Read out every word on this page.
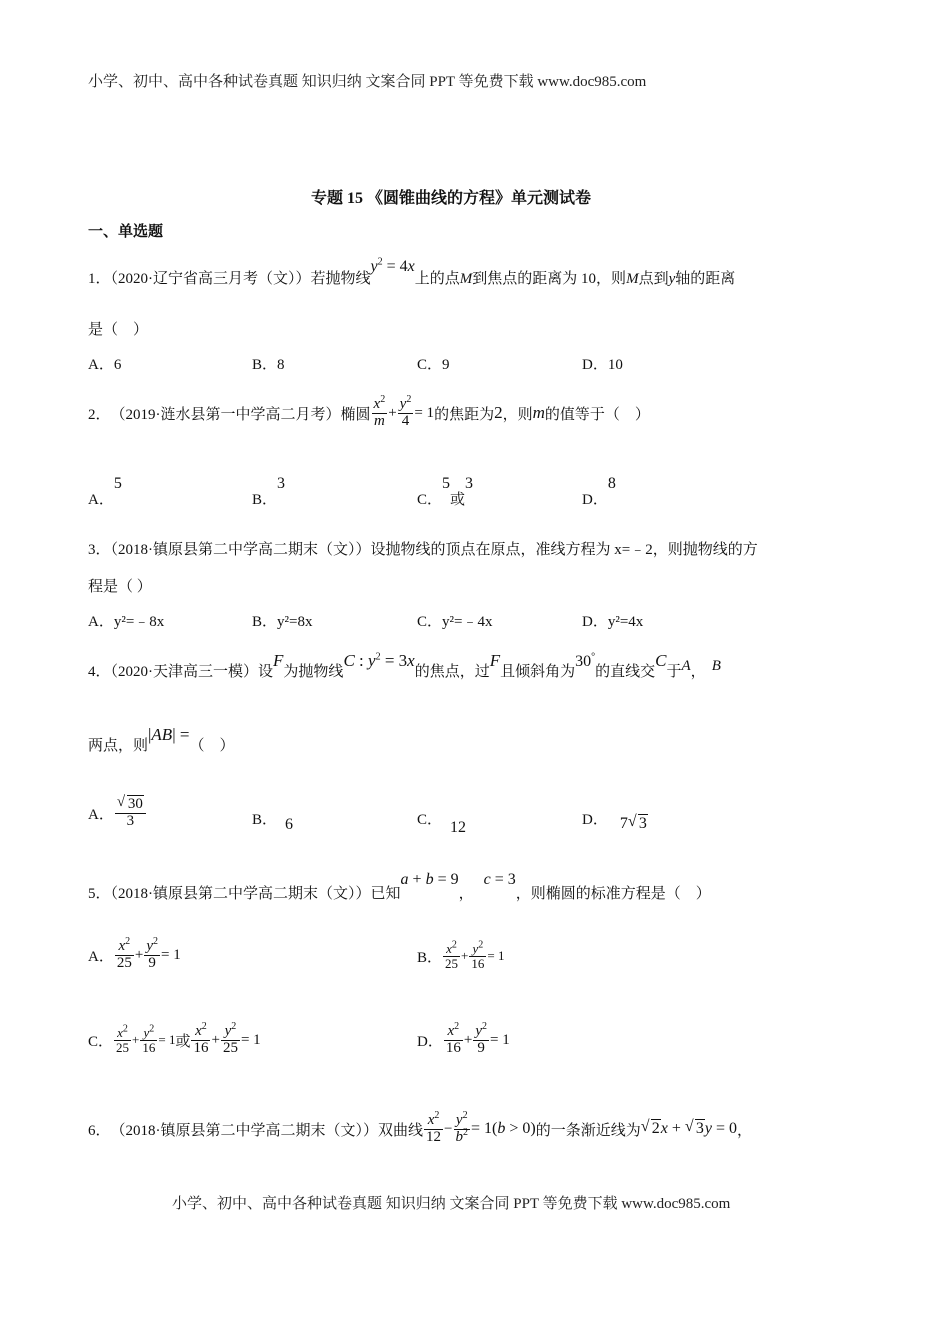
小学、初中、高中各种试卷真题 知识归纳 文案合同 PPT 等免费下载 www.doc985.com
专题 15 《圆锥曲线的方程》单元测试卷
一、单选题
1．（2020·辽宁省高三月考（文））若抛物线$y^2 = 4x$上的点M到焦点的距离为 10，则M点到y轴的距离
是（　）
A．6	B．8	C．9	D．10
2． （2019·涟水县第一中学高二月考） 椭圆 $\frac{x^2}{m} + \frac{y^2}{4} = 1$ 的焦距为 2 ，则 m 的值等于（　）
A．5
B．3
C．5或3
D．8
3．（2018·镇原县第二中学高二期末（文））设抛物线的顶点在原点，准线方程为 x=﹣2，则抛物线的方
程是（ ）
A．y²=﹣8x	B．y²=8x	C．y²=﹣4x	D．y²=4x
4．（2020·天津高三一模）设F为抛物线C : $y^2 = 3x$的焦点，过F且倾斜角为30°的直线交C于A， B
两点，则|AB| =（　）
A． $\frac{√ 30}{3}$	B． 6	C． 12	D． 7 √ 3
5．（2018·镇原县第二中学高二期末（文））已知a + b = 9，c = 3，则椭圆的标准方程是（　）
A． $\frac{x^2}{25} + \frac{y^2}{9} = 1$	B． $\frac{x^2}{25} + \frac{y^2}{16} = 1$
C． $\frac{x^2}{25} + \frac{y^2}{16} = 1$ 或 $\frac{x^2}{16} + \frac{y^2}{25} = 1$	D． $\frac{x^2}{16} + \frac{y^2}{9} = 1$
6． （2018·镇原县第二中学高二期末（文）） 双曲线 $\frac{x^2}{12} - \frac{y^2}{b^2} = 1(b > 0)$ 的一条渐近线为 √ 2x + √ 3y = 0 ，
小学、初中、高中各种试卷真题 知识归纳 文案合同 PPT 等免费下载 www.doc985.com
